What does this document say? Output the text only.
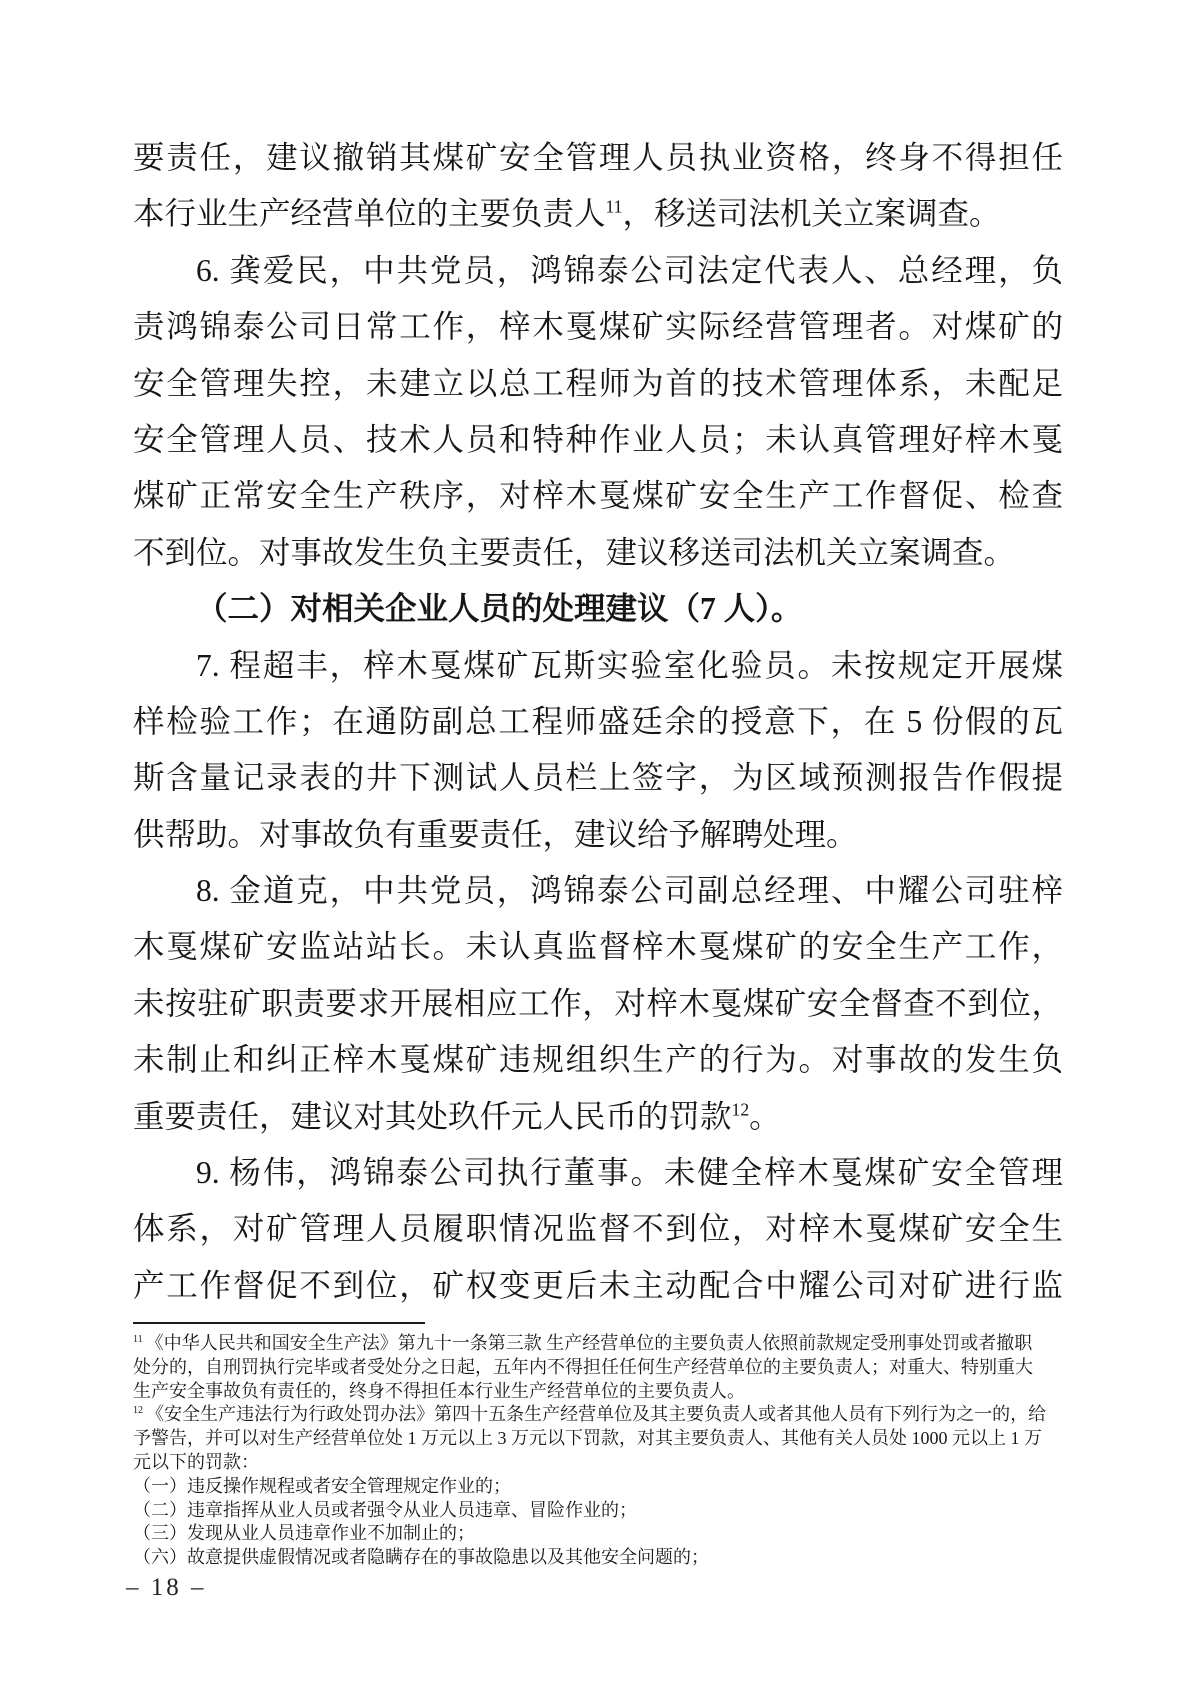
要责任，建议撤销其煤矿安全管理人员执业资格，终身不得担任
本行业生产经营单位的主要负责人$^{11}$，移送司法机关立案调查。
6. 龚爱民，中共党员，鸿锦泰公司法定代表人、总经理，负
责鸿锦泰公司日常工作，梓木戛煤矿实际经营管理者。对煤矿的
安全管理失控，未建立以总工程师为首的技术管理体系，未配足
安全管理人员、技术人员和特种作业人员；未认真管理好梓木戛
煤矿正常安全生产秩序，对梓木戛煤矿安全生产工作督促、检查
不到位。对事故发生负主要责任，建议移送司法机关立案调查。
（二）对相关企业人员的处理建议（7 人）。
7. 程超丰，梓木戛煤矿瓦斯实验室化验员。未按规定开展煤
样检验工作；在通防副总工程师盛廷余的授意下，在 5 份假的瓦
斯含量记录表的井下测试人员栏上签字，为区域预测报告作假提
供帮助。对事故负有重要责任，建议给予解聘处理。
8. 金道克，中共党员，鸿锦泰公司副总经理、中耀公司驻梓
木戛煤矿安监站站长。未认真监督梓木戛煤矿的安全生产工作，
未按驻矿职责要求开展相应工作，对梓木戛煤矿安全督查不到位，
未制止和纠正梓木戛煤矿违规组织生产的行为。对事故的发生负
重要责任，建议对其处玖仟元人民币的罚款$^{12}$。
9. 杨伟，鸿锦泰公司执行董事。未健全梓木戛煤矿安全管理
体系，对矿管理人员履职情况监督不到位，对梓木戛煤矿安全生
产工作督促不到位，矿权变更后未主动配合中耀公司对矿进行监
$^{11}$ 《中华人民共和国安全生产法》第九十一条第三款 生产经营单位的主要负责人依照前款规定受刑事处罚或者撤职
处分的，自刑罚执行完毕或者受处分之日起，五年内不得担任任何生产经营单位的主要负责人；对重大、特别重大
生产安全事故负有责任的，终身不得担任本行业生产经营单位的主要负责人。
$^{12}$ 《安全生产违法行为行政处罚办法》第四十五条生产经营单位及其主要负责人或者其他人员有下列行为之一的，给
予警告，并可以对生产经营单位处 1 万元以上 3 万元以下罚款，对其主要负责人、其他有关人员处 1000 元以上 1 万
元以下的罚款：
（一）违反操作规程或者安全管理规定作业的；
（二）违章指挥从业人员或者强令从业人员违章、冒险作业的；
（三）发现从业人员违章作业不加制止的；
（六）故意提供虚假情况或者隐瞒存在的事故隐患以及其他安全问题的；
– 18 –
